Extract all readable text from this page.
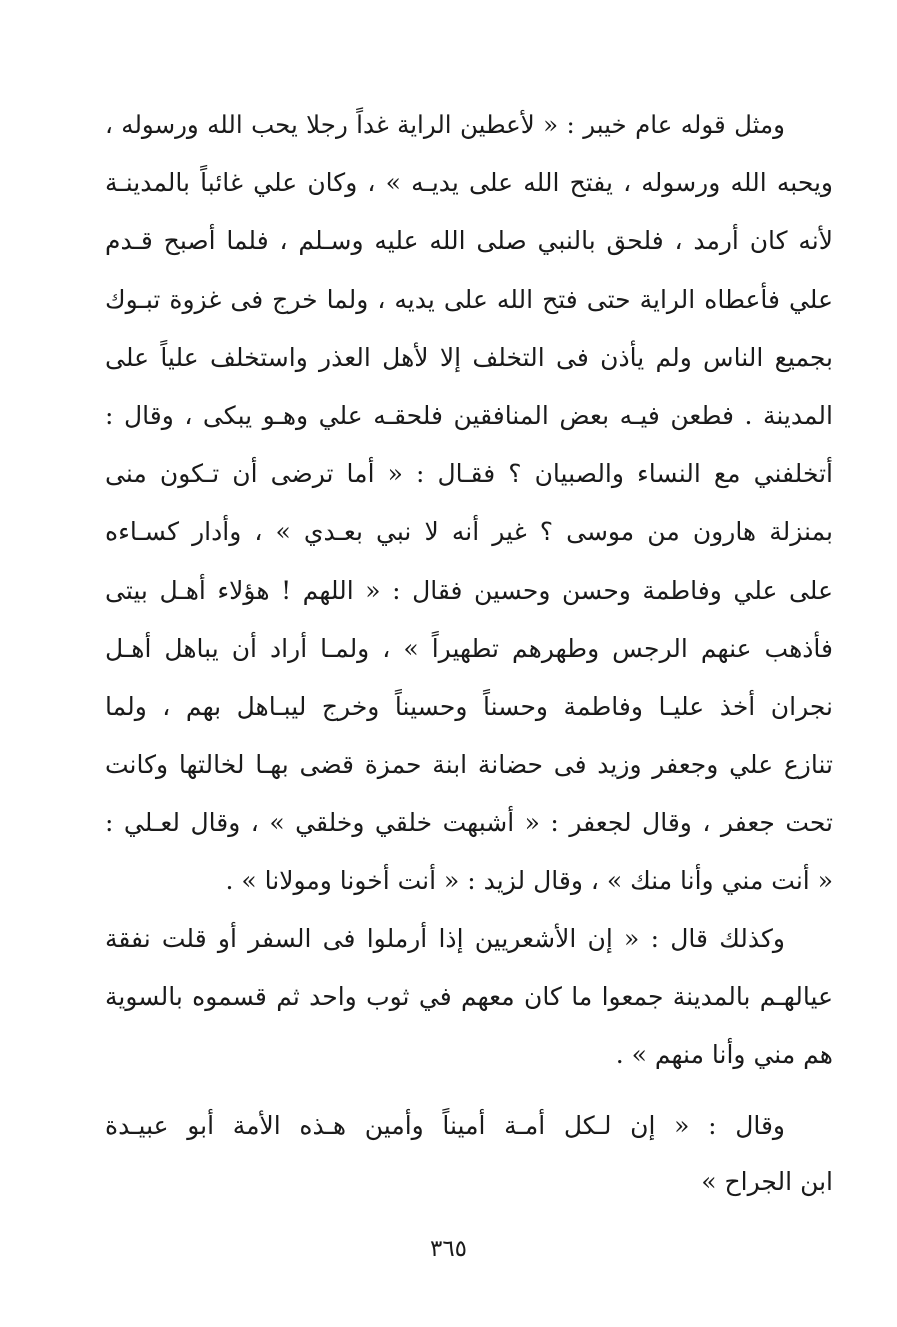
ومثل قوله عام خيبر : « لأعطين الراية غداً رجلا يحب الله ورسوله ،
ويحبه الله ورسوله ، يفتح الله على يديـه » ، وكان علي غائباً بالمدينـة
لأنه كان أرمد ، فلحق بالنبي صلى الله عليه وسـلم ، فلما أصبح قـدم
علي فأعطاه الراية حتى فتح الله على يديه ، ولما خرج فى غزوة تبـوك
بجميع الناس ولم يأذن فى التخلف إلا لأهل العذر واستخلف علياً على
المدينة . فطعن فيـه بعض المنافقين فلحقـه علي وهـو يبكى ، وقال :
أتخلفني مع النساء والصبيان ؟ فقـال : « أما ترضى أن تـكون منى
بمنزلة هارون من موسى ؟ غير أنه لا نبي بعـدي » ، وأدار كسـاءه
على علي وفاطمة وحسن وحسين فقال : « اللهم ! هؤلاء أهـل بيتى
فأذهب عنهم الرجس وطهرهم تطهيراً » ، ولمـا أراد أن يباهل أهـل
نجران أخذ عليـا وفاطمة وحسناً وحسيناً وخرج ليبـاهل بهم ، ولما
تنازع علي وجعفر وزيد فى حضانة ابنة حمزة قضى بهـا لخالتها وكانت
تحت جعفر ، وقال لجعفر : « أشبهت خلقي وخلقي » ، وقال لعـلي :
« أنت مني وأنا منك » ، وقال لزيد : « أنت أخونا ومولانا » .
وكذلك قال : « إن الأشعريين إذا أرملوا فى السفر أو قلت نفقة
عيالهـم بالمدينة جمعوا ما كان معهم في ثوب واحد ثم قسموه بالسوية
هم مني وأنا منهم » .
وقال : « إن لـكل أمـة أميناً وأمين هـذه الأمة أبو عبيـدة
ابن الجراح »
٣٦٥
